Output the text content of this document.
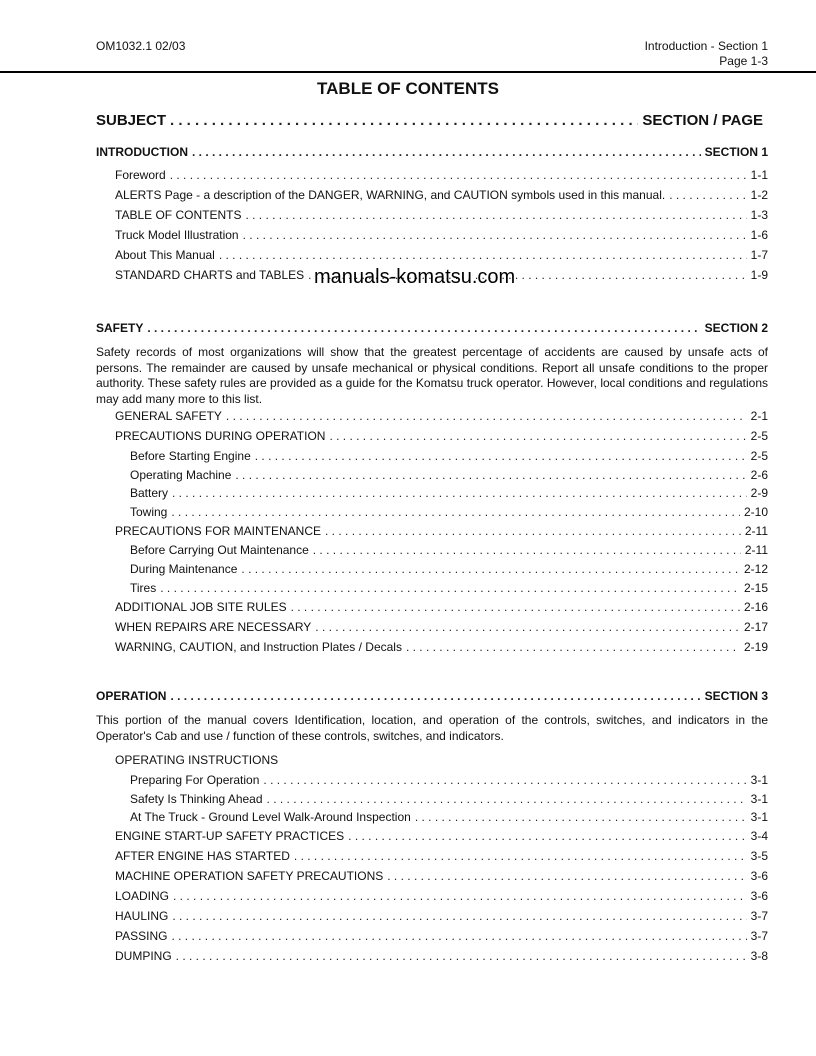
OM1032.1 02/03	Introduction - Section 1
Page 1-3
TABLE OF CONTENTS
SUBJECT . . .	SECTION / PAGE
INTRODUCTION . . .	SECTION 1
Foreword . . .	1-1
ALERTS Page - a description of the DANGER, WARNING, and CAUTION symbols used in this manual. . . .	1-2
TABLE OF CONTENTS . . .	1-3
Truck Model Illustration . . .	1-6
About This Manual . . .	1-7
STANDARD CHARTS and TABLES . . .	1-9
manuals-komatsu.com
SAFETY . . .	SECTION 2
Safety records of most organizations will show that the greatest percentage of accidents are caused by unsafe acts of persons. The remainder are caused by unsafe mechanical or physical conditions. Report all unsafe conditions to the proper authority. These safety rules are provided as a guide for the Komatsu truck operator. However, local conditions and regulations may add many more to this list.
GENERAL SAFETY . . .	2-1
PRECAUTIONS DURING OPERATION . . .	2-5
Before Starting Engine . . .	2-5
Operating Machine . . .	2-6
Battery . . .	2-9
Towing . . .	2-10
PRECAUTIONS FOR MAINTENANCE . . .	2-11
Before Carrying Out Maintenance . . .	2-11
During Maintenance . . .	2-12
Tires . . .	2-15
ADDITIONAL JOB SITE RULES . . .	2-16
WHEN REPAIRS ARE NECESSARY . . .	2-17
WARNING, CAUTION, and Instruction Plates / Decals . . .	2-19
OPERATION . . .	SECTION 3
This portion of the manual covers Identification, location, and operation of the controls, switches, and indicators in the Operator's Cab and use / function of these controls, switches, and indicators.
OPERATING INSTRUCTIONS
Preparing For Operation . . .	3-1
Safety Is Thinking Ahead . . .	3-1
At The Truck - Ground Level Walk-Around Inspection . . .	3-1
ENGINE START-UP SAFETY PRACTICES . . .	3-4
AFTER ENGINE HAS STARTED . . .	3-5
MACHINE OPERATION SAFETY PRECAUTIONS . . .	3-6
LOADING . . .	3-6
HAULING . . .	3-7
PASSING . . .	3-7
DUMPING . . .	3-8
